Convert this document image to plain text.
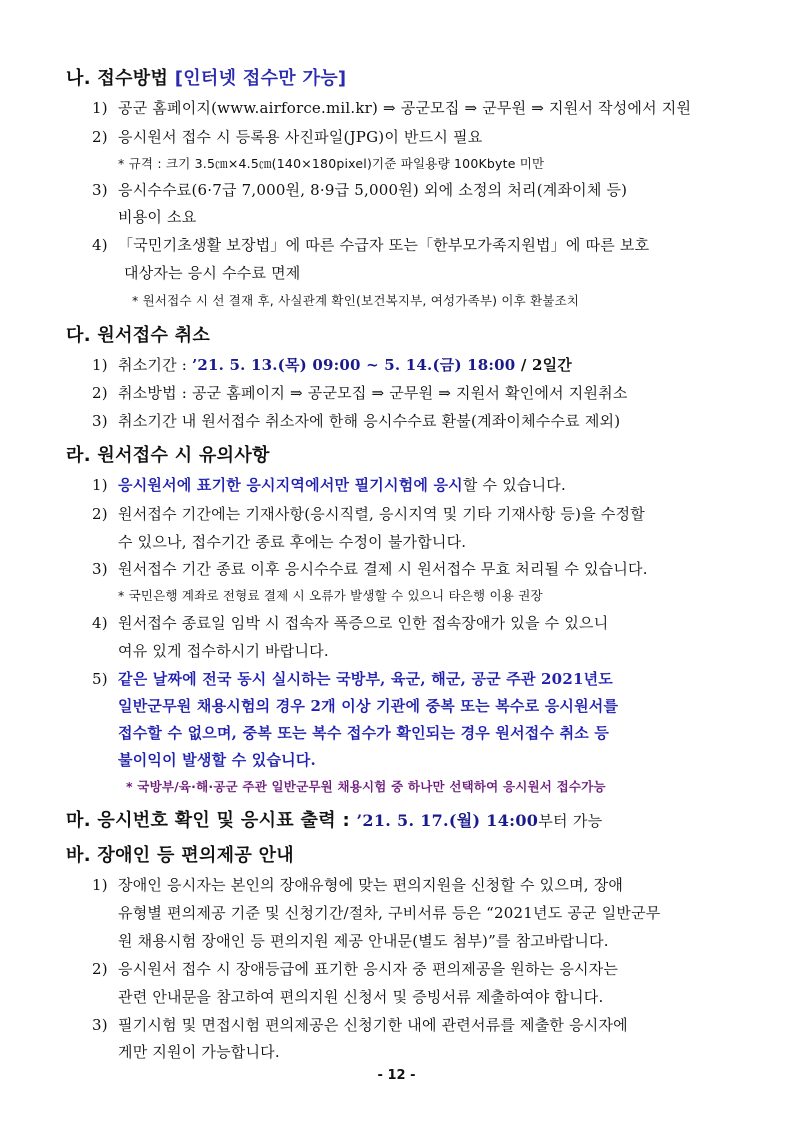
나. 접수방법 [인터넷 접수만 가능]
1) 공군 홈페이지(www.airforce.mil.kr) ⇒ 공군모집 ⇒ 군무원 ⇒ 지원서 작성에서 지원
2) 응시원서 접수 시 등록용 사진파일(JPG)이 반드시 필요
* 규격 : 크기 3.5㎝×4.5㎝(140×180pixel)기준 파일용량 100Kbyte 미만
3) 응시수수료(6·7급 7,000원, 8·9급 5,000원) 외에 소정의 처리(계좌이체 등)
비용이 소요
4) 「국민기초생활 보장법」에 따른 수급자 또는「한부모가족지원법」에 따른 보호
대상자는 응시 수수료 면제
* 원서접수 시 선 결재 후, 사실관계 확인(보건복지부, 여성가족부) 이후 환불조치
다. 원서접수 취소
1) 취소기간 : ’21. 5. 13.(목) 09:00 ~ 5. 14.(금) 18:00 / 2일간
2) 취소방법 : 공군 홈페이지 ⇒ 공군모집 ⇒ 군무원 ⇒ 지원서 확인에서 지원취소
3) 취소기간 내 원서접수 취소자에 한해 응시수수료 환불(계좌이체수수료 제외)
라. 원서접수 시 유의사항
1) 응시원서에 표기한 응시지역에서만 필기시험에 응시할 수 있습니다.
2) 원서접수 기간에는 기재사항(응시직렬, 응시지역 및 기타 기재사항 등)을 수정할
수 있으나, 접수기간 종료 후에는 수정이 불가합니다.
3) 원서접수 기간 종료 이후 응시수수료 결제 시 원서접수 무효 처리될 수 있습니다.
* 국민은행 계좌로 전형료 결제 시 오류가 발생할 수 있으니 타은행 이용 권장
4) 원서접수 종료일 임박 시 접속자 폭증으로 인한 접속장애가 있을 수 있으니
여유 있게 접수하시기 바랍니다.
5) 같은 날짜에 전국 동시 실시하는 국방부, 육군, 해군, 공군 주관 2021년도
일반군무원 채용시험의 경우 2개 이상 기관에 중복 또는 복수로 응시원서를
접수할 수 없으며, 중복 또는 복수 접수가 확인되는 경우 원서접수 취소 등
불이익이 발생할 수 있습니다.
* 국방부/육·해·공군 주관 일반군무원 채용시험 중 하나만 선택하여 응시원서 접수가능
마. 응시번호 확인 및 응시표 출력 : ’21. 5. 17.(월) 14:00부터 가능
바. 장애인 등 편의제공 안내
1) 장애인 응시자는 본인의 장애유형에 맞는 편의지원을 신청할 수 있으며, 장애
유형별 편의제공 기준 및 신청기간/절차, 구비서류 등은 “2021년도 공군 일반군무
원 채용시험 장애인 등 편의지원 제공 안내문(별도 첨부)”를 참고바랍니다.
2) 응시원서 접수 시 장애등급에 표기한 응시자 중 편의제공을 원하는 응시자는
관련 안내문을 참고하여 편의지원 신청서 및 증빙서류 제출하여야 합니다.
3) 필기시험 및 면접시험 편의제공은 신청기한 내에 관련서류를 제출한 응시자에
게만 지원이 가능합니다.
- 12 -
